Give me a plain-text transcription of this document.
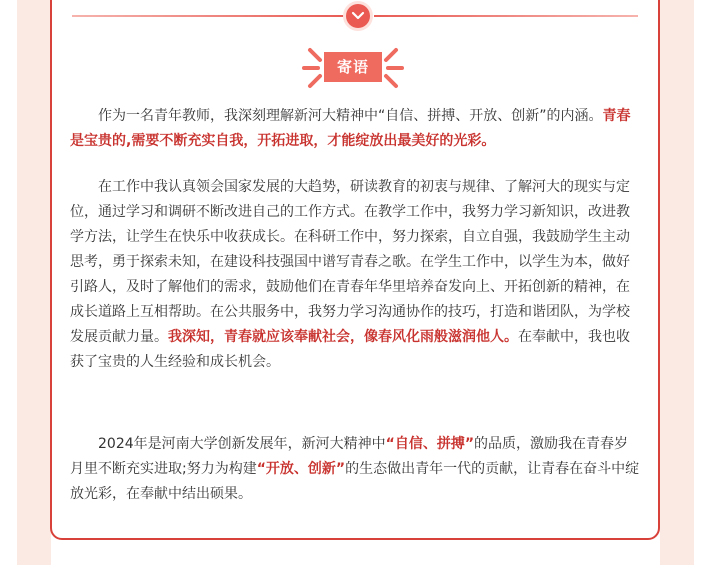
寄语

作为一名青年教师，我深刻理解新河大精神中“自信、拼搏、开放、创新”的内涵。青春是宝贵的,需要不断充实自我，开拓进取，才能绽放出最美好的光彩。

在工作中我认真领会国家发展的大趋势，研读教育的初衷与规律、了解河大的现实与定位，通过学习和调研不断改进自己的工作方式。在教学工作中，我努力学习新知识，改进教学方法，让学生在快乐中收获成长。在科研工作中，努力探索，自立自强，我鼓励学生主动思考，勇于探索未知，在建设科技强国中谱写青春之歌。在学生工作中，以学生为本，做好引路人，及时了解他们的需求，鼓励他们在青春年华里培养奋发向上、开拓创新的精神，在成长道路上互相帮助。在公共服务中，我努力学习沟通协作的技巧，打造和谐团队，为学校发展贡献力量。我深知，青春就应该奉献社会，像春风化雨般滋润他人。在奉献中，我也收获了宝贵的人生经验和成长机会。

2024年是河南大学创新发展年，新河大精神中“自信、拼搏”的品质，激励我在青春岁月里不断充实进取;努力为构建“开放、创新”的生态做出青年一代的贡献，让青春在奋斗中绽放光彩，在奉献中结出硕果。
